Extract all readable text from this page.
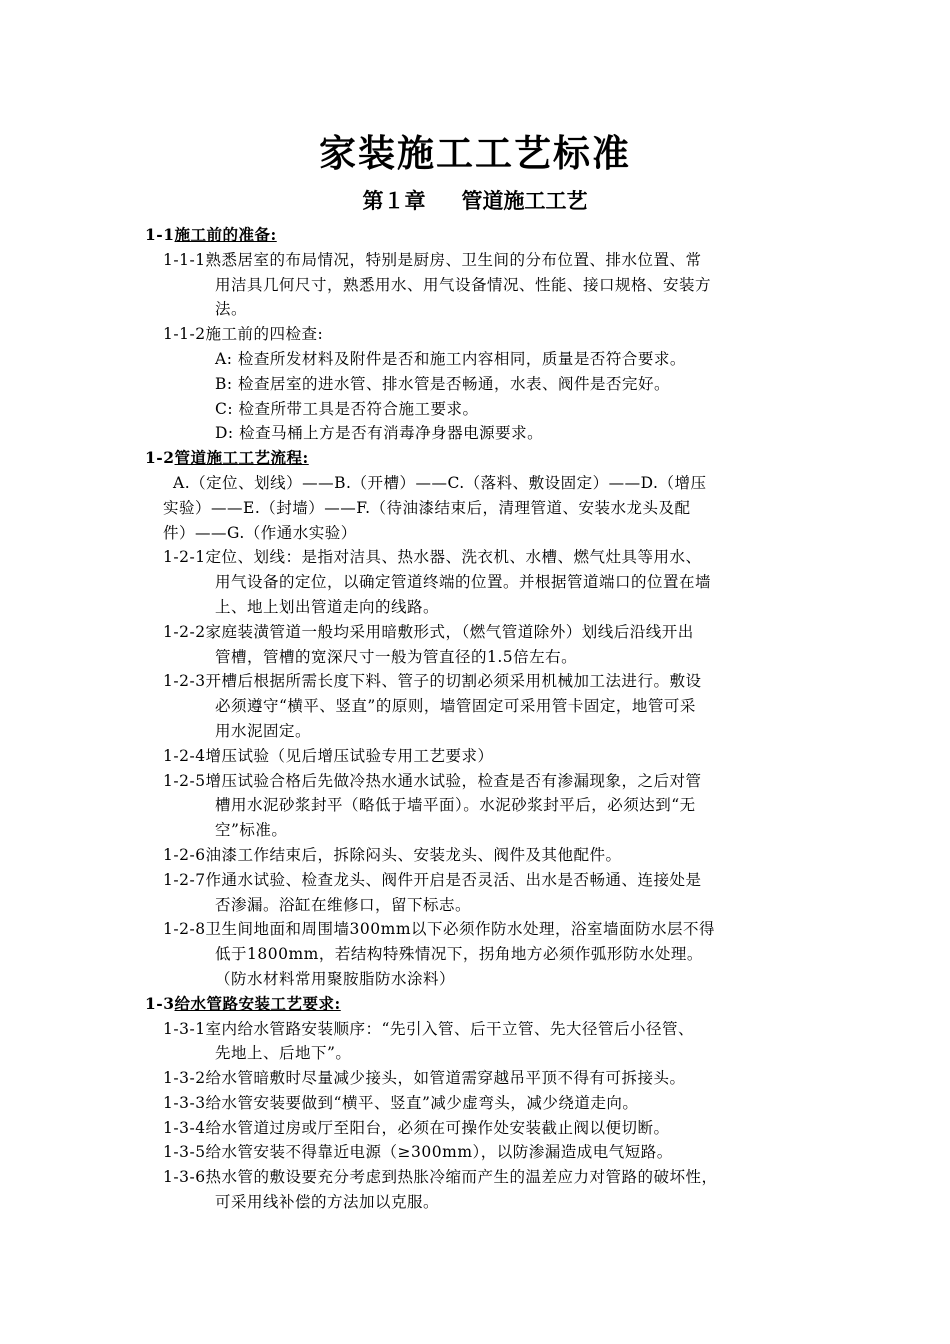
家装施工工艺标准
第１章 管道施工工艺
1-1施工前的准备:
1-1-1熟悉居室的布局情况，特别是厨房、卫生间的分布位置、排水位置、常
用洁具几何尺寸，熟悉用水、用气设备情况、性能、接口规格、安装方
法。
1-1-2施工前的四检查:
A: 检查所发材料及附件是否和施工内容相同，质量是否符合要求。
B: 检查居室的进水管、排水管是否畅通，水表、阀件是否完好。
C: 检查所带工具是否符合施工要求。
D: 检查马桶上方是否有消毒净身器电源要求。
1-2管道施工工艺流程:
A.（定位、划线）——B.（开槽）——C.（落料、敷设固定）——D.（增压
实验）——E.（封墙）——F.（待油漆结束后，清理管道、安装水龙头及配
件）——G.（作通水实验）
1-2-1定位、划线：是指对洁具、热水器、洗衣机、水槽、燃气灶具等用水、
用气设备的定位，以确定管道终端的位置。并根据管道端口的位置在墙
上、地上划出管道走向的线路。
1-2-2家庭装潢管道一般均采用暗敷形式，（燃气管道除外）划线后沿线开出
管槽，管槽的宽深尺寸一般为管直径的1.5倍左右。
1-2-3开槽后根据所需长度下料、管子的切割必须采用机械加工法进行。敷设
必须遵守“横平、竖直”的原则，墙管固定可采用管卡固定，地管可采
用水泥固定。
1-2-4增压试验（见后增压试验专用工艺要求）
1-2-5增压试验合格后先做冷热水通水试验，检查是否有渗漏现象，之后对管
槽用水泥砂浆封平（略低于墙平面）。水泥砂浆封平后，必须达到“无
空”标准。
1-2-6油漆工作结束后，拆除闷头、安装龙头、阀件及其他配件。
1-2-7作通水试验、检查龙头、阀件开启是否灵活、出水是否畅通、连接处是
否渗漏。浴缸在维修口，留下标志。
1-2-8卫生间地面和周围墙300mm以下必须作防水处理，浴室墙面防水层不得
低于1800mm，若结构特殊情况下，拐角地方必须作弧形防水处理。
（防水材料常用聚胺脂防水涂料）
1-3给水管路安装工艺要求:
1-3-1室内给水管路安装顺序：“先引入管、后干立管、先大径管后小径管、
先地上、后地下”。
1-3-2给水管暗敷时尽量减少接头，如管道需穿越吊平顶不得有可拆接头。
1-3-3给水管安装要做到“横平、竖直”减少虚弯头，减少绕道走向。
1-3-4给水管道过房或厅至阳台，必须在可操作处安装截止阀以便切断。
1-3-5给水管安装不得靠近电源（≥300mm），以防渗漏造成电气短路。
1-3-6热水管的敷设要充分考虑到热胀冷缩而产生的温差应力对管路的破坏性，
可采用线补偿的方法加以克服。
